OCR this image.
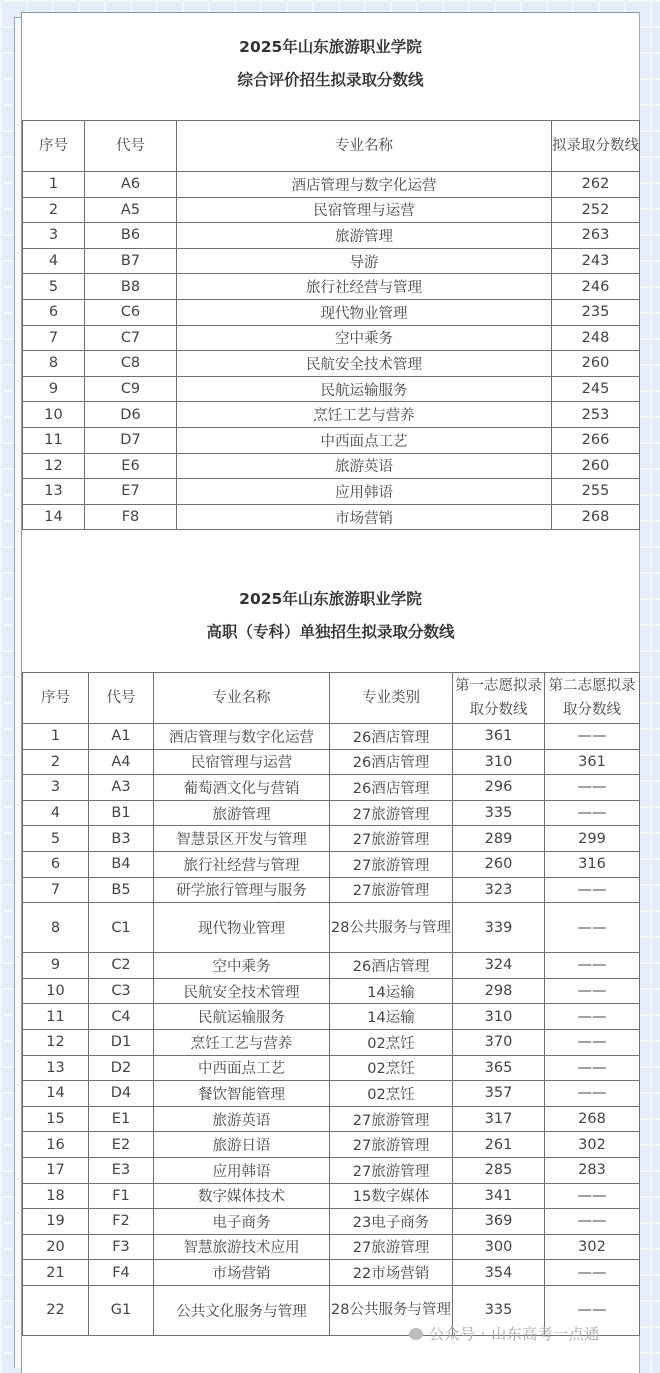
2025年山东旅游职业学院
综合评价招生拟录取分数线
序号	代号	专业名称	拟录取分数线
1	A6	酒店管理与数字化运营	262
2	A5	民宿管理与运营	252
3	B6	旅游管理	263
4	B7	导游	243
5	B8	旅行社经营与管理	246
6	C6	现代物业管理	235
7	C7	空中乘务	248
8	C8	民航安全技术管理	260
9	C9	民航运输服务	245
10	D6	烹饪工艺与营养	253
11	D7	中西面点工艺	266
12	E6	旅游英语	260
13	E7	应用韩语	255
14	F8	市场营销	268
2025年山东旅游职业学院
高职（专科）单独招生拟录取分数线
序号	代号	专业名称	专业类别	第一志愿拟录取分数线	第二志愿拟录取分数线
1	A1	酒店管理与数字化运营	26酒店管理	361	——
2	A4	民宿管理与运营	26酒店管理	310	361
3	A3	葡萄酒文化与营销	26酒店管理	296	——
4	B1	旅游管理	27旅游管理	335	——
5	B3	智慧景区开发与管理	27旅游管理	289	299
6	B4	旅行社经营与管理	27旅游管理	260	316
7	B5	研学旅行管理与服务	27旅游管理	323	——
8	C1	现代物业管理	28公共服务与管理	339	——
9	C2	空中乘务	26酒店管理	324	——
10	C3	民航安全技术管理	14运输	298	——
11	C4	民航运输服务	14运输	310	——
12	D1	烹饪工艺与营养	02烹饪	370	——
13	D2	中西面点工艺	02烹饪	365	——
14	D4	餐饮智能管理	02烹饪	357	——
15	E1	旅游英语	27旅游管理	317	268
16	E2	旅游日语	27旅游管理	261	302
17	E3	应用韩语	27旅游管理	285	283
18	F1	数字媒体技术	15数字媒体	341	——
19	F2	电子商务	23电子商务	369	——
20	F3	智慧旅游技术应用	27旅游管理	300	302
21	F4	市场营销	22市场营销	354	——
22	G1	公共文化服务与管理	28公共服务与管理	335	——
公众号 · 山东高考一点通
